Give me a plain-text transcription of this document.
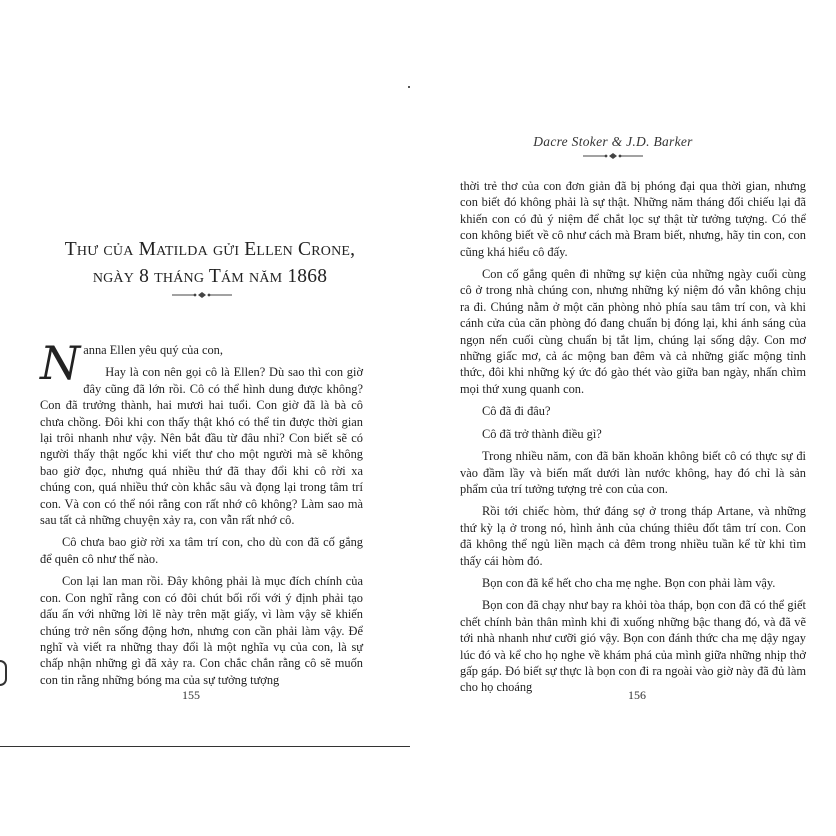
Thư của Matilda gửi Ellen Crone,
ngày 8 tháng Tám năm 1868

Nanna Ellen yêu quý của con,

Hay là con nên gọi cô là Ellen? Dù sao thì con giờ đây cũng đã lớn rồi. Cô có thể hình dung được không? Con đã trưởng thành, hai mươi hai tuổi. Con giờ đã là bà cô chưa chồng. Đôi khi con thấy thật khó có thể tin được thời gian lại trôi nhanh như vậy. Nên bắt đầu từ đâu nhỉ? Con biết sẽ có người thấy thật ngốc khi viết thư cho một người mà sẽ không bao giờ đọc, nhưng quá nhiều thứ đã thay đổi khi cô rời xa chúng con, quá nhiều thứ còn khắc sâu và đọng lại trong tâm trí con. Và con có thể nói rằng con rất nhớ cô không? Làm sao mà sau tất cả những chuyện xảy ra, con vẫn rất nhớ cô.

Cô chưa bao giờ rời xa tâm trí con, cho dù con đã cố gắng để quên cô như thế nào.

Con lại lan man rồi. Đây không phải là mục đích chính của con. Con nghĩ rằng con có đôi chút bối rối với ý định phải tạo dấu ấn với những lời lẽ này trên mặt giấy, vì làm vậy sẽ khiến chúng trở nên sống động hơn, nhưng con cần phải làm vậy. Để nghĩ và viết ra những thay đổi là một nghĩa vụ của con, là sự chấp nhận những gì đã xảy ra. Con chắc chắn rằng cô sẽ muốn con tin rằng những bóng ma của sự tưởng tượng

155
Dacre Stoker & J.D. Barker

thời trẻ thơ của con đơn giản đã bị phóng đại qua thời gian, nhưng con biết đó không phải là sự thật. Những năm tháng đối chiếu lại đã khiến con có đủ ý niệm để chắt lọc sự thật từ tưởng tượng. Có thể con không biết về cô như cách mà Bram biết, nhưng, hãy tin con, con cũng khá hiểu cô đấy.

Con cố gắng quên đi những sự kiện của những ngày cuối cùng cô ở trong nhà chúng con, nhưng những ký niệm đó vẫn không chịu ra đi. Chúng nằm ở một căn phòng nhỏ phía sau tâm trí con, và khi cánh cửa của căn phòng đó đang chuẩn bị đóng lại, khi ánh sáng của ngọn nến cuối cùng chuẩn bị tắt lịm, chúng lại sống dậy. Con mơ những giấc mơ, cả ác mộng ban đêm và cả những giấc mộng tỉnh thức, đôi khi những ký ức đó gào thét vào giữa ban ngày, nhấn chìm mọi thứ xung quanh con.

Cô đã đi đâu?

Cô đã trở thành điều gì?

Trong nhiều năm, con đã băn khoăn không biết cô có thực sự đi vào đầm lầy và biến mất dưới làn nước không, hay đó chỉ là sản phẩm của trí tưởng tượng trẻ con của con.

Rồi tới chiếc hòm, thứ đáng sợ ở trong tháp Artane, và những thứ kỳ lạ ở trong nó, hình ảnh của chúng thiêu đốt tâm trí con. Con đã không thể ngủ liền mạch cả đêm trong nhiều tuần kể từ khi tìm thấy cái hòm đó.

Bọn con đã kể hết cho cha mẹ nghe. Bọn con phải làm vậy.

Bọn con đã chạy như bay ra khỏi tòa tháp, bọn con đã có thể giết chết chính bản thân mình khi đi xuống những bậc thang đó, và đã vẽ tới nhà nhanh như cưỡi gió vậy. Bọn con đánh thức cha mẹ dậy ngay lúc đó và kể cho họ nghe về khám phá của mình giữa những nhịp thở gấp gáp. Đó biết sự thực là bọn con đi ra ngoài vào giờ này đã đủ làm cho họ choáng

156
